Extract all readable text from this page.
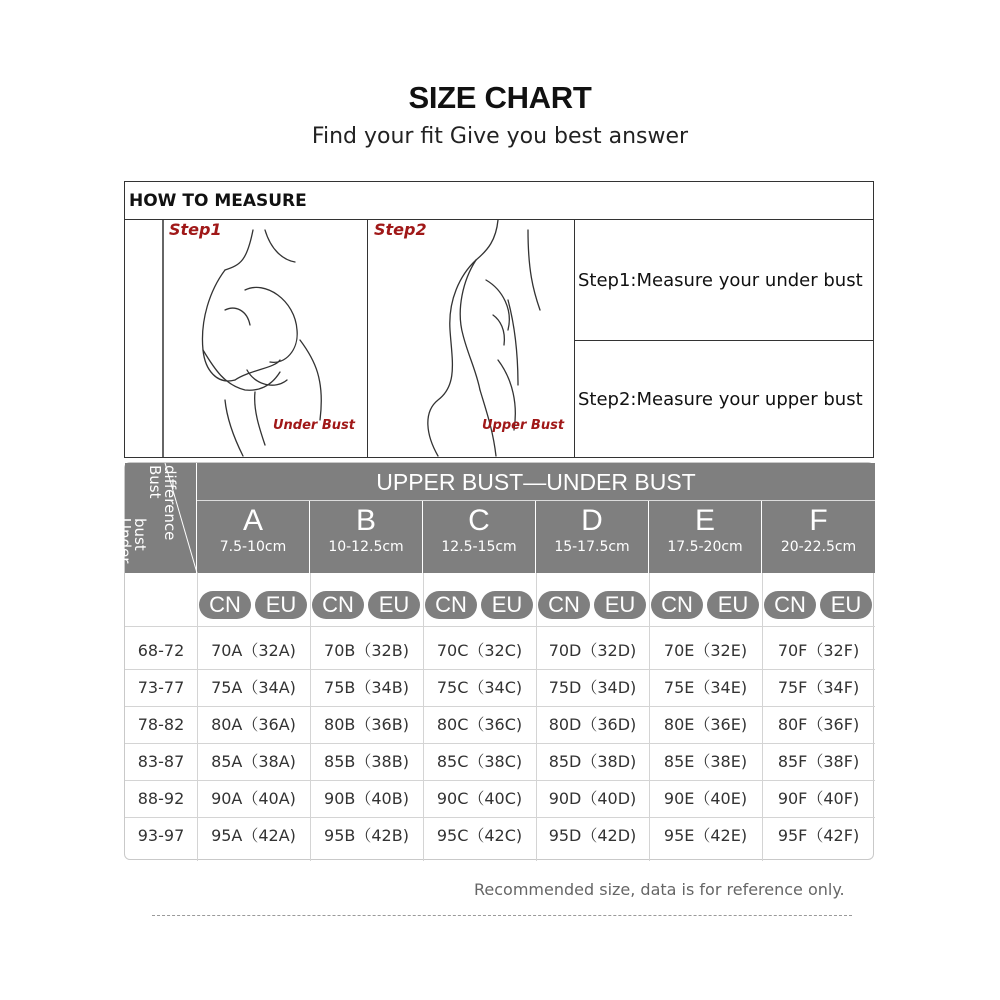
SIZE CHART
Find your fit Give you best answer
HOW TO MEASURE
Step1
Under Bust
Step2
Upper Bust
Step1:Measure your under bust
Step2:Measure your upper bust
difference
Bust
bust
Under
UPPER BUST—UNDER BUST
A
7.5-10cm
B
10-12.5cm
C
12.5-15cm
D
15-17.5cm
E
17.5-20cm
F
20-22.5cm
CN	EU	CN	EU	CN	EU	CN	EU	CN	EU	CN	EU
68-72	70A（32A)	70B（32B)	70C（32C)	70D（32D)	70E（32E)	70F（32F)
73-77	75A（34A)	75B（34B)	75C（34C)	75D（34D)	75E（34E)	75F（34F)
78-82	80A（36A)	80B（36B)	80C（36C)	80D（36D)	80E（36E)	80F（36F)
83-87	85A（38A)	85B（38B)	85C（38C)	85D（38D)	85E（38E)	85F（38F)
88-92	90A（40A)	90B（40B)	90C（40C)	90D（40D)	90E（40E)	90F（40F)
93-97	95A（42A)	95B（42B)	95C（42C)	95D（42D)	95E（42E)	95F（42F)
Recommended size, data is for reference only.
